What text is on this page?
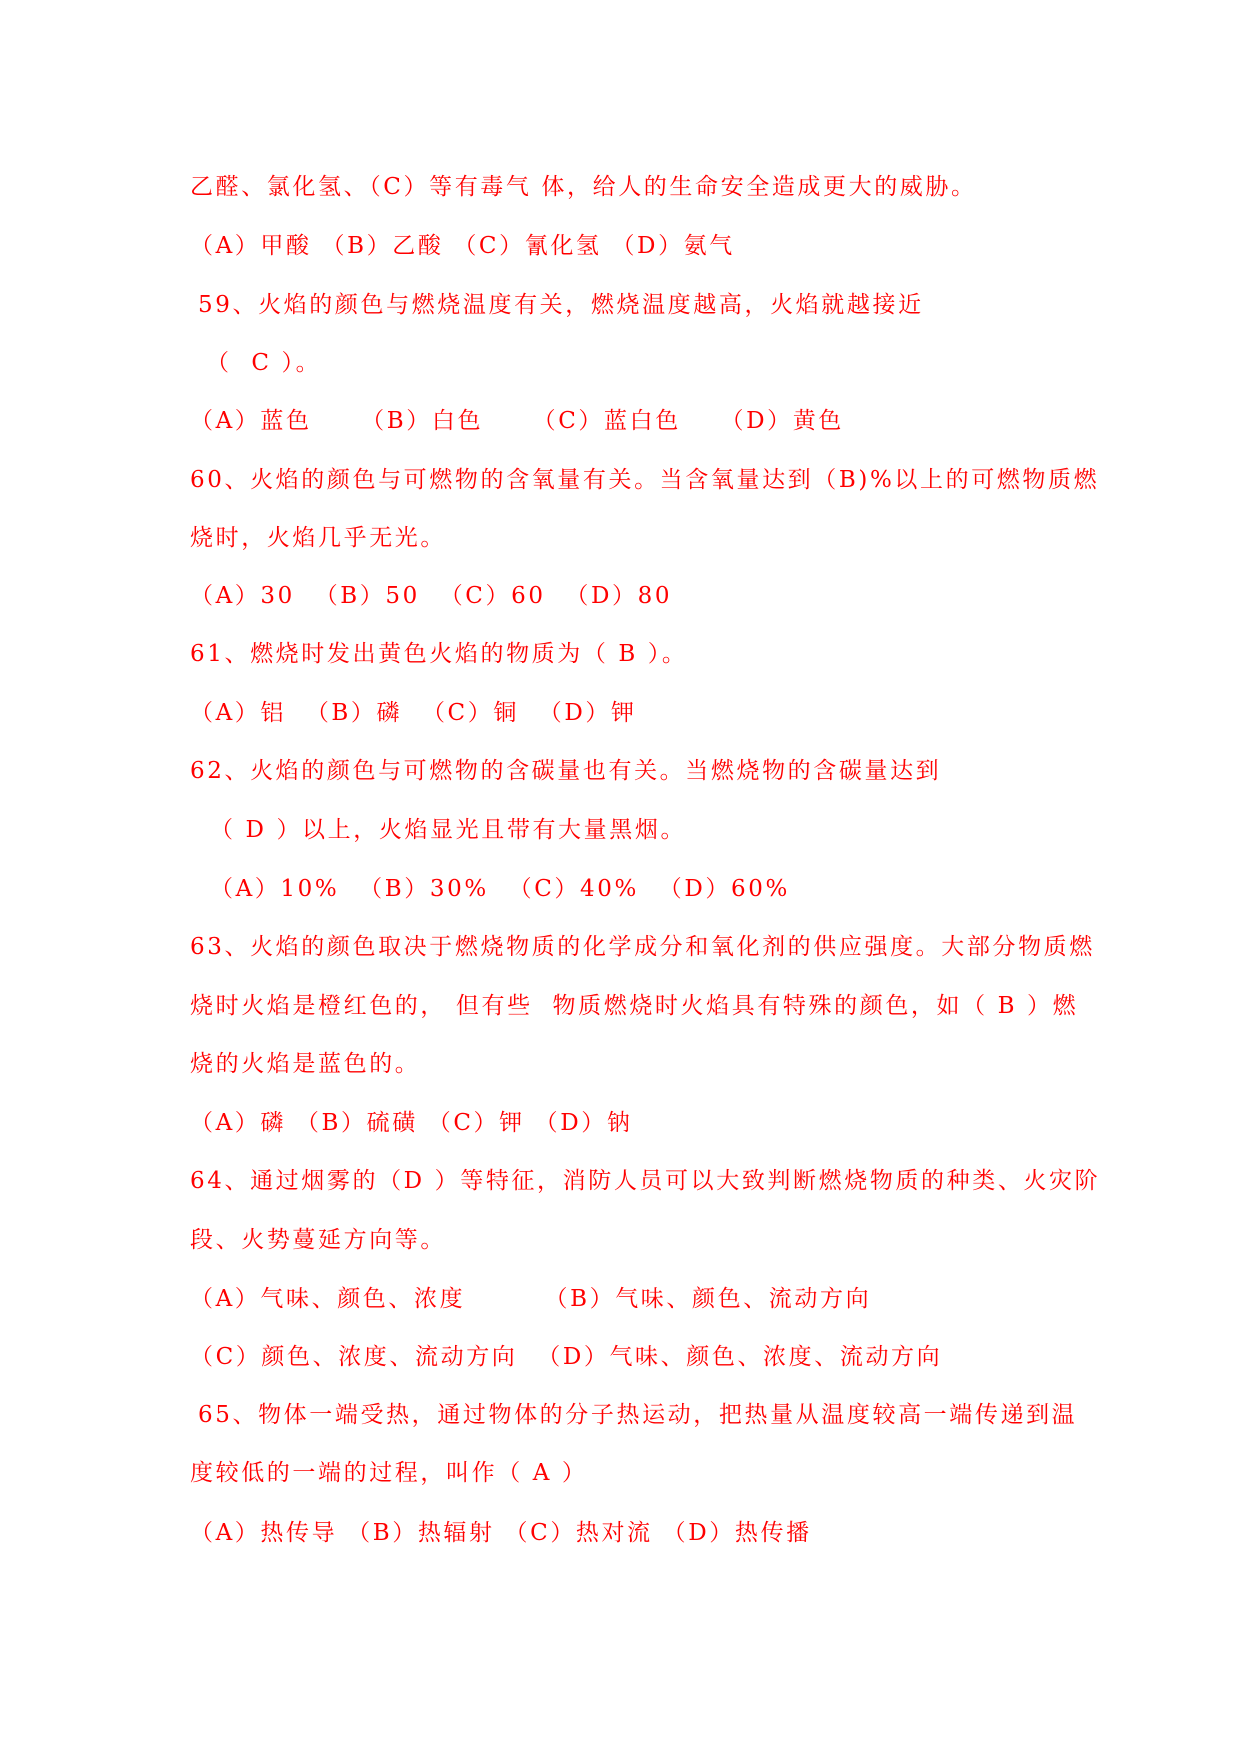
乙醛、氯化氢、（C）等有毒气 体，给人的生命安全造成更大的威胁。
（A）甲酸 （B）乙酸 （C）氰化氢 （D）氨气
59、火焰的颜色与燃烧温度有关，燃烧温度越高，火焰就越接近
（  C ）。
（A）蓝色     （B）白色     （C）蓝白色    （D）黄色
60、火焰的颜色与可燃物的含氧量有关。当含氧量达到（B)%以上的可燃物质燃
烧时，火焰几乎无光。
（A）30  （B）50  （C）60  （D）80
61、燃烧时发出黄色火焰的物质为（ B ）。
（A）铝  （B）磷  （C）铜  （D）钾
62、火焰的颜色与可燃物的含碳量也有关。当燃烧物的含碳量达到
（ D ）以上，火焰显光且带有大量黑烟。
（A）10%  （B）30%  （C）40%  （D）60%
63、火焰的颜色取决于燃烧物质的化学成分和氧化剂的供应强度。大部分物质燃
烧时火焰是橙红色的， 但有些  物质燃烧时火焰具有特殊的颜色，如（ B ）燃
烧的火焰是蓝色的。
（A）磷 （B）硫磺 （C）钾 （D）钠
64、通过烟雾的（D ）等特征，消防人员可以大致判断燃烧物质的种类、火灾阶
段、火势蔓延方向等。
（A）气味、颜色、浓度        （B）气味、颜色、流动方向
（C）颜色、浓度、流动方向  （D）气味、颜色、浓度、流动方向
65、物体一端受热，通过物体的分子热运动，把热量从温度较高一端传递到温
度较低的一端的过程，叫作（ A ）
（A）热传导 （B）热辐射 （C）热对流 （D）热传播
